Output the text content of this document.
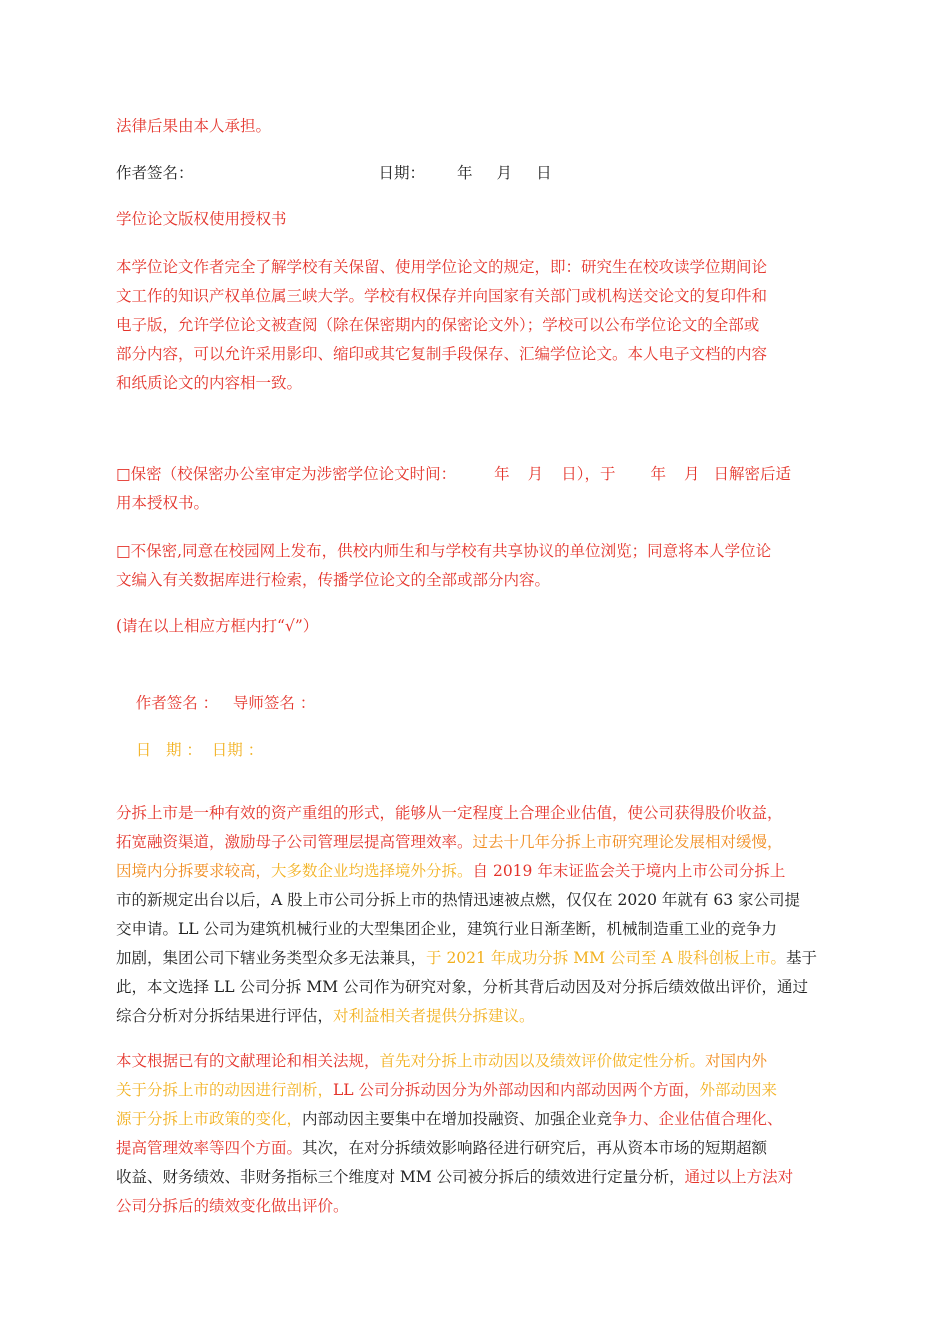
法律后果由本人承担。

作者签名：	日期： 年 月 日

学位论文版权使用授权书

本学位论文作者完全了解学校有关保留、使用学位论文的规定，即：研究生在校攻读学位期间论
文工作的知识产权单位属三峡大学。学校有权保存并向国家有关部门或机构送交论文的复印件和
电子版，允许学位论文被查阅（除在保密期内的保密论文外）；学校可以公布学位论文的全部或
部分内容，可以允许采用影印、缩印或其它复制手段保存、汇编学位论文。本人电子文档的内容
和纸质论文的内容相一致。
□保密（校保密办公室审定为涉密学位论文时间： 年 月 日），于 年 月 日解密后适
用本授权书。
□不保密,同意在校园网上发布，供校内师生和与学校有共享协议的单位浏览；同意将本人学位论
文编入有关数据库进行检索，传播学位论文的全部或部分内容。

(请在以上相应方框内打“√”）

作者签名 ：   导师签名 ：

日   期 ：  日期 ：

分拆上市是一种有效的资产重组的形式，能够从一定程度上合理企业估值，使公司获得股价收益，
拓宽融资渠道，激励母子公司管理层提高管理效率。过去十几年分拆上市研究理论发展相对缓慢，
因境内分拆要求较高，大多数企业均选择境外分拆。自 2019 年末证监会关于境内上市公司分拆上
市的新规定出台以后，A 股上市公司分拆上市的热情迅速被点燃，仅仅在 2020 年就有 63 家公司提
交申请。LL 公司为建筑机械行业的大型集团企业，建筑行业日渐垄断，机械制造重工业的竞争力
加剧，集团公司下辖业务类型众多无法兼具，于 2021 年成功分拆 MM 公司至 A 股科创板上市。基于
此，本文选择 LL 公司分拆 MM 公司作为研究对象，分析其背后动因及对分拆后绩效做出评价，通过
综合分析对分拆结果进行评估，对利益相关者提供分拆建议。
本文根据已有的文献理论和相关法规，首先对分拆上市动因以及绩效评价做定性分析。对国内外
关于分拆上市的动因进行剖析，LL 公司分拆动因分为外部动因和内部动因两个方面，外部动因来
源于分拆上市政策的变化，内部动因主要集中在增加投融资、加强企业竞争力、企业估值合理化、
提高管理效率等四个方面。其次，在对分拆绩效影响路径进行研究后，再从资本市场的短期超额
收益、财务绩效、非财务指标三个维度对 MM 公司被分拆后的绩效进行定量分析，通过以上方法对
公司分拆后的绩效变化做出评价。
